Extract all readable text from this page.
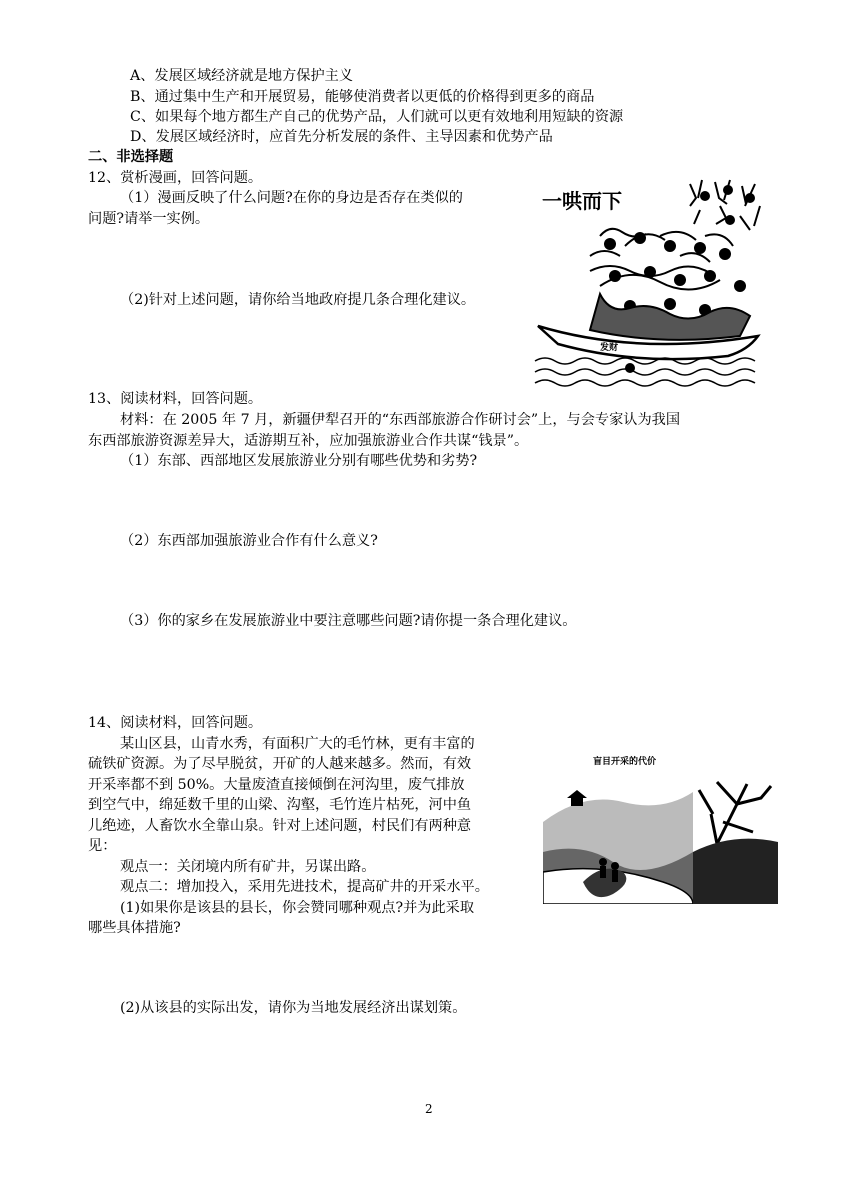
A、发展区域经济就是地方保护主义
B、通过集中生产和开展贸易，能够使消费者以更低的价格得到更多的商品
C、如果每个地方都生产自己的优势产品，人们就可以更有效地利用短缺的资源
D、发展区域经济时，应首先分析发展的条件、主导因素和优势产品
二、非选择题
12、赏析漫画，回答问题。
（1）漫画反映了什么问题?在你的身边是否存在类似的
问题?请举一实例。
（2)针对上述问题，请你给当地政府提几条合理化建议。
一哄而下
发财
13、阅读材料，回答问题。
材料：在 2005 年 7 月，新疆伊犁召开的“东西部旅游合作研讨会”上，与会专家认为我国
东西部旅游资源差异大，适游期互补，应加强旅游业合作共谋“钱景”。
（1）东部、西部地区发展旅游业分别有哪些优势和劣势?
（2）东西部加强旅游业合作有什么意义?
（3）你的家乡在发展旅游业中要注意哪些问题?请你提一条合理化建议。
14、阅读材料，回答问题。
某山区县，山青水秀，有面积广大的毛竹林，更有丰富的
硫铁矿资源。为了尽早脱贫，开矿的人越来越多。然而，有效
开采率都不到 50%。大量废渣直接倾倒在河沟里，废气排放
到空气中，绵延数千里的山梁、沟壑，毛竹连片枯死，河中鱼
儿绝迹，人畜饮水全靠山泉。针对上述问题，村民们有两种意
见：
观点一：关闭境内所有矿井，另谋出路。
观点二：增加投入，采用先进技术，提高矿井的开采水平。
(1)如果你是该县的县长，你会赞同哪种观点?并为此采取
哪些具体措施?
(2)从该县的实际出发，请你为当地发展经济出谋划策。
盲目开采的代价
2
